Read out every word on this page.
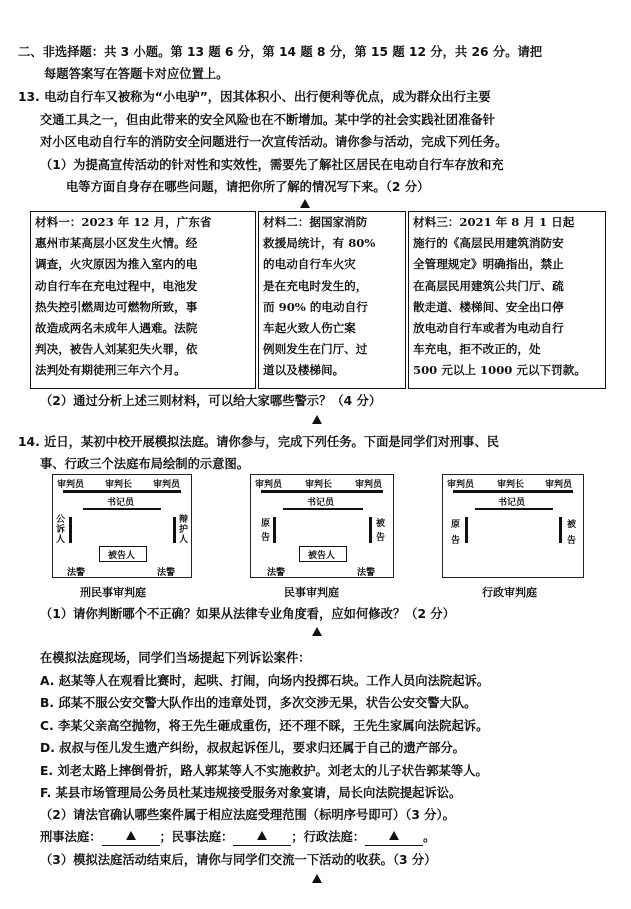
二、非选择题：共 3 小题。第 13 题 6 分，第 14 题 8 分，第 15 题 12 分，共 26 分。请把
每题答案写在答题卡对应位置上。
13. 电动自行车又被称为“小电驴”，因其体积小、出行便利等优点，成为群众出行主要
交通工具之一，但由此带来的安全风险也在不断增加。某中学的社会实践社团准备针
对小区电动自行车的消防安全问题进行一次宣传活动。请你参与活动，完成下列任务。
（1）为提高宣传活动的针对性和实效性，需要先了解社区居民在电动自行车存放和充
电等方面自身存在哪些问题，请把你所了解的情况写下来。（2 分）
材料一：2023 年 12 月，广东省
惠州市某高层小区发生火情。经
调查，火灾原因为推入室内的电
动自行车在充电过程中，电池发
热失控引燃周边可燃物所致，事
故造成两名未成年人遇难。法院
判决，被告人刘某犯失火罪，依
法判处有期徒刑三年六个月。
材料二：据国家消防
救援局统计，有 80%
的电动自行车火灾
是在充电时发生的，
而 90% 的电动自行
车起火致人伤亡案
例则发生在门厅、过
道以及楼梯间。
材料三：2021 年 8 月 1 日起
施行的《高层民用建筑消防安
全管理规定》明确指出，禁止
在高层民用建筑公共门厅、疏
散走道、楼梯间、安全出口停
放电动自行车或者为电动自行
车充电，拒不改正的，处
500 元以上 1000 元以下罚款。
（2）通过分析上述三则材料，可以给大家哪些警示？（4 分）
14. 近日，某初中校开展模拟法庭。请你参与，完成下列任务。下面是同学们对刑事、民
事、行政三个法庭布局绘制的示意图。
审判员 审判长 审判员
书记员
公诉人
辩护人
被告人
法警	法警
刑民事审判庭
审判员	审判长	审判员
书记员
原告
被告
被告人
法警	法警
民事审判庭
审判员	审判长 审判员
书记员
原告
被告
行政审判庭
（1）请你判断哪个不正确？如果从法律专业角度看，应如何修改？（2 分）
在模拟法庭现场，同学们当场提起下列诉讼案件：
A. 赵某等人在观看比赛时，起哄、打闹，向场内投掷石块。工作人员向法院起诉。
B. 邱某不服公安交警大队作出的违章处罚，多次交涉无果，状告公安交警大队。
C. 李某父亲高空抛物，将王先生砸成重伤，还不理不睬，王先生家属向法院起诉。
D. 叔叔与侄儿发生遗产纠纷，叔叔起诉侄儿，要求归还属于自己的遗产部分。
E. 刘老太路上摔倒骨折，路人郭某等人不实施救护。刘老太的儿子状告郭某等人。
F. 某县市场管理局公务员杜某违规接受服务对象宴请，局长向法院提起诉讼。
（2）请法官确认哪些案件属于相应法庭受理范围（标明序号即可）（3 分）。
刑事法庭：	；民事法庭：	；行政法庭：	。
（3）模拟法庭活动结束后，请你与同学们交流一下活动的收获。（3 分）
